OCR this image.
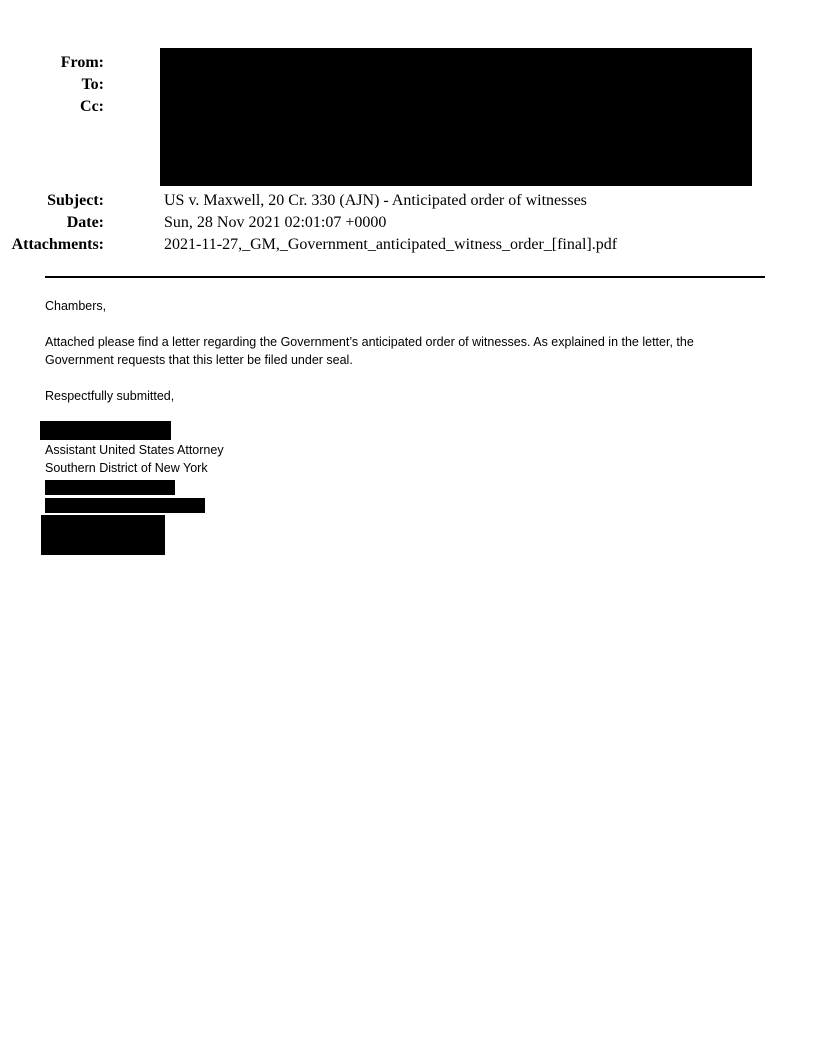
From:
To:
Cc:
Subject:	US v. Maxwell, 20 Cr. 330 (AJN) - Anticipated order of witnesses
Date:	Sun, 28 Nov 2021 02:01:07 +0000
Attachments:	2021-11-27,_GM,_Government_anticipated_witness_order_[final].pdf
Chambers,
Attached please find a letter regarding the Government’s anticipated order of witnesses. As explained in the letter, the
Government requests that this letter be filed under seal.
Respectfully submitted,
Assistant United States Attorney
Southern District of New York
